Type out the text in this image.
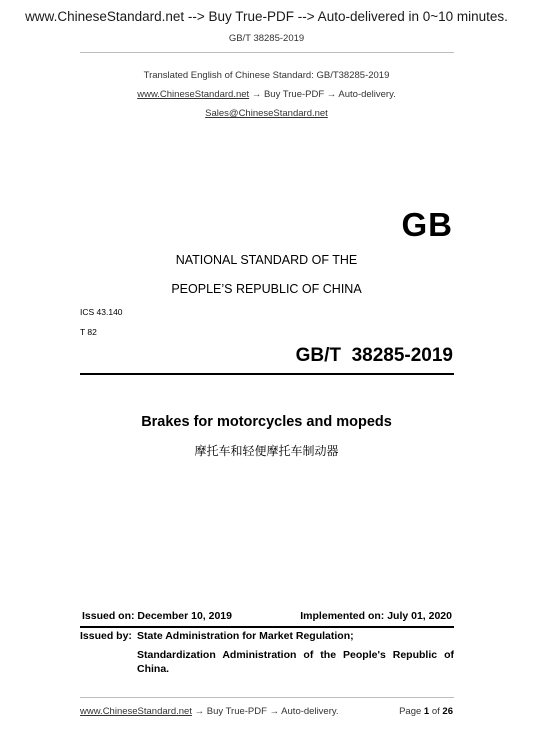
www.ChineseStandard.net --> Buy True-PDF --> Auto-delivered in 0~10 minutes.
GB/T 38285-2019
Translated English of Chinese Standard: GB/T38285-2019
www.ChineseStandard.net → Buy True-PDF → Auto-delivery.
Sales@ChineseStandard.net
GB
NATIONAL STANDARD OF THE
PEOPLE’S REPUBLIC OF CHINA
ICS 43.140
T 82
GB/T  38285-2019
Brakes for motorcycles and mopeds
摩托车和轻便摩托车制动器
Issued on: December 10, 2019	Implemented on: July 01, 2020
Issued by: State Administration for Market Regulation;
Standardization Administration of the People's Republic of China.
www.ChineseStandard.net → Buy True-PDF → Auto-delivery.	Page 1 of 26
